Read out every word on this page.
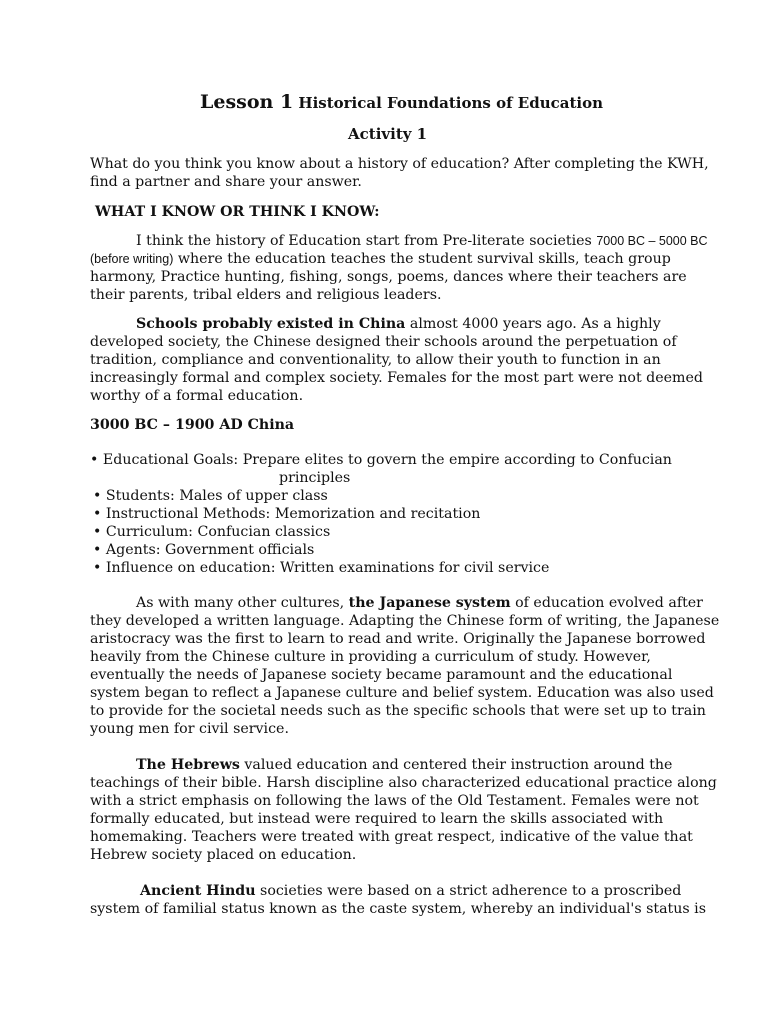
Lesson 1 Historical Foundations of Education
Activity 1
What do you think you know about a history of education? After completing the KWH,
find a partner and share your answer.
WHAT I KNOW OR THINK I KNOW:
I think the history of Education start from Pre-literate societies 7000 BC – 5000 BC
(before writing) where the education teaches the student survival skills, teach group
harmony, Practice hunting, fishing, songs, poems, dances where their teachers are
their parents, tribal elders and religious leaders.
Schools probably existed in China almost 4000 years ago. As a highly
developed society, the Chinese designed their schools around the perpetuation of
tradition, compliance and conventionality, to allow their youth to function in an
increasingly formal and complex society. Females for the most part were not deemed
worthy of a formal education.
3000 BC – 1900 AD China
• Educational Goals: Prepare elites to govern the empire according to Confucian
principles
• Students: Males of upper class
• Instructional Methods: Memorization and recitation
• Curriculum: Confucian classics
• Agents: Government officials
• Influence on education: Written examinations for civil service
As with many other cultures, the Japanese system of education evolved after
they developed a written language. Adapting the Chinese form of writing, the Japanese
aristocracy was the first to learn to read and write. Originally the Japanese borrowed
heavily from the Chinese culture in providing a curriculum of study. However,
eventually the needs of Japanese society became paramount and the educational
system began to reflect a Japanese culture and belief system. Education was also used
to provide for the societal needs such as the specific schools that were set up to train
young men for civil service.
The Hebrews valued education and centered their instruction around the
teachings of their bible. Harsh discipline also characterized educational practice along
with a strict emphasis on following the laws of the Old Testament. Females were not
formally educated, but instead were required to learn the skills associated with
homemaking. Teachers were treated with great respect, indicative of the value that
Hebrew society placed on education.
Ancient Hindu societies were based on a strict adherence to a proscribed
system of familial status known as the caste system, whereby an individual's status is
